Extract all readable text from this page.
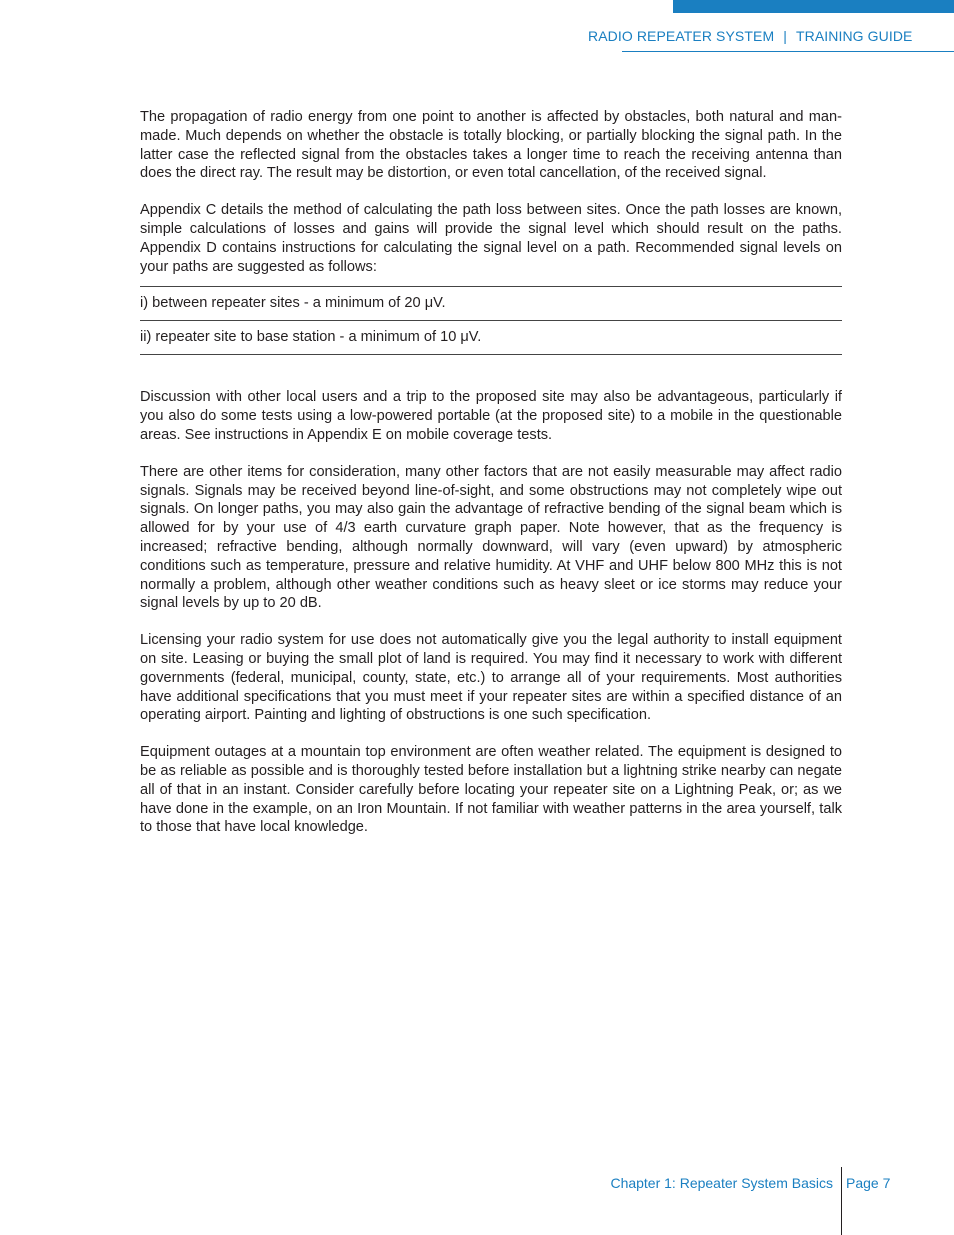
RADIO REPEATER SYSTEM | TRAINING GUIDE

The propagation of radio energy from one point to another is affected by obstacles, both natural and man-made. Much depends on whether the obstacle is totally blocking, or partially blocking the signal path. In the latter case the reflected signal from the obstacles takes a longer time to reach the receiving antenna than does the direct ray. The result may be distortion, or even total cancellation, of the received signal.

Appendix C details the method of calculating the path loss between sites. Once the path losses are known, simple calculations of losses and gains will provide the signal level which should result on the paths. Appendix D contains instructions for calculating the signal level on a path. Recommended signal levels on your paths are suggested as follows:

i) between repeater sites - a minimum of 20 μV.
ii) repeater site to base station - a minimum of 10 μV.

Discussion with other local users and a trip to the proposed site may also be advantageous, particularly if you also do some tests using a low-powered portable (at the proposed site) to a mobile in the questionable areas. See instructions in Appendix E on mobile coverage tests.

There are other items for consideration, many other factors that are not easily measurable may affect radio signals. Signals may be received beyond line-of-sight, and some obstructions may not completely wipe out signals. On longer paths, you may also gain the advantage of refractive bending of the signal beam which is allowed for by your use of 4/3 earth curvature graph paper. Note however, that as the frequency is increased; refractive bending, although normally downward, will vary (even upward) by atmospheric conditions such as temperature, pressure and relative humidity. At VHF and UHF below 800 MHz this is not normally a problem, although other weather conditions such as heavy sleet or ice storms may reduce your signal levels by up to 20 dB.

Licensing your radio system for use does not automatically give you the legal authority to install equipment on site. Leasing or buying the small plot of land is required. You may find it necessary to work with different governments (federal, municipal, county, state, etc.) to arrange all of your requirements. Most authorities have additional specifications that you must meet if your repeater sites are within a specified distance of an operating airport. Painting and lighting of obstructions is one such specification.

Equipment outages at a mountain top environment are often weather related. The equipment is designed to be as reliable as possible and is thoroughly tested before installation but a lightning strike nearby can negate all of that in an instant. Consider carefully before locating your repeater site on a Lightning Peak, or; as we have done in the example, on an Iron Mountain. If not familiar with weather patterns in the area yourself, talk to those that have local knowledge.

Chapter 1: Repeater System Basics Page 7
